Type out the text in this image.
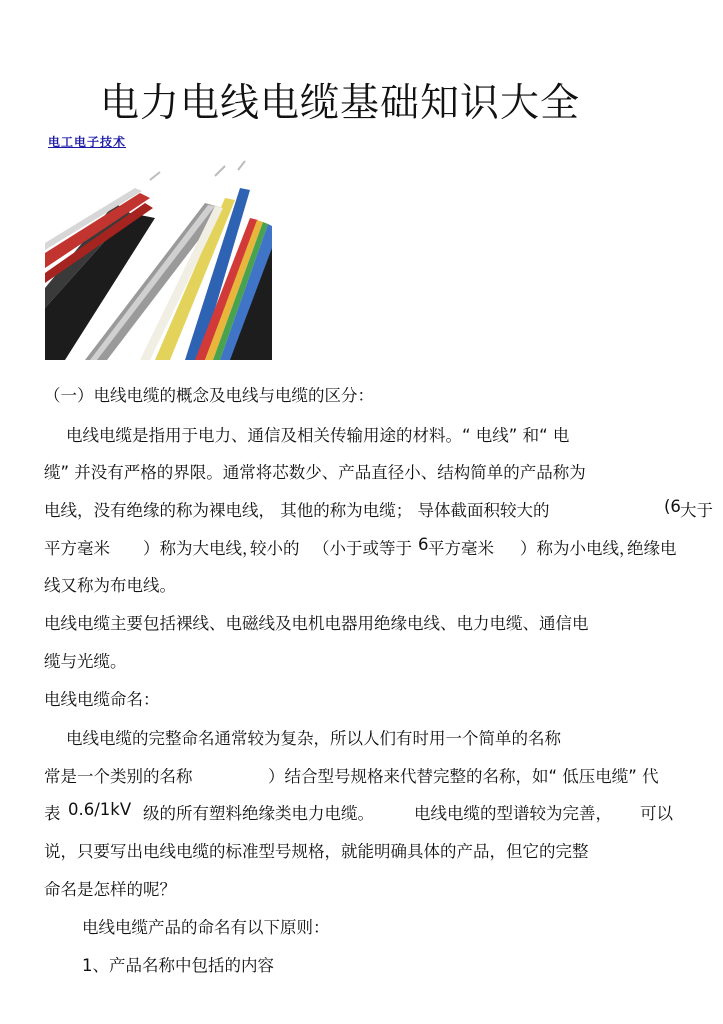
电力电线电缆基础知识大全
电工电子技术
（一）电线电缆的概念及电线与电缆的区分：
电线电缆是指用于电力、通信及相关传输用途的材料。“ 电线” 和“ 电
缆” 并没有严格的界限。通常将芯数少、产品直径小、结构简单的产品称为
电线，没有绝缘的称为裸电线， 其他的称为电缆； 导体截面积较大的	(6 大于
平方毫米 ）称为大电线，
较小的 （小于或等于 6 平方毫米 ）称为小电线，
绝缘电
线又称为布电线。
电线电缆主要包括裸线、电磁线及电机电器用绝缘电线、电力电缆、通信电
缆与光缆。
电线电缆命名：
电线电缆的完整命名通常较为复杂，所以人们有时用一个简单的名称
常是一个类别的名称	）结合型号规格来代替完整的名称，如“ 低压电缆” 代
表 0.6/1kV 级的所有塑料绝缘类电力电缆。 电线电缆的型谱较为完善， 可以
说，只要写出电线电缆的标准型号规格，就能明确具体的产品，但它的完整
命名是怎样的呢？
电线电缆产品的命名有以下原则：
1、产品名称中包括的内容
